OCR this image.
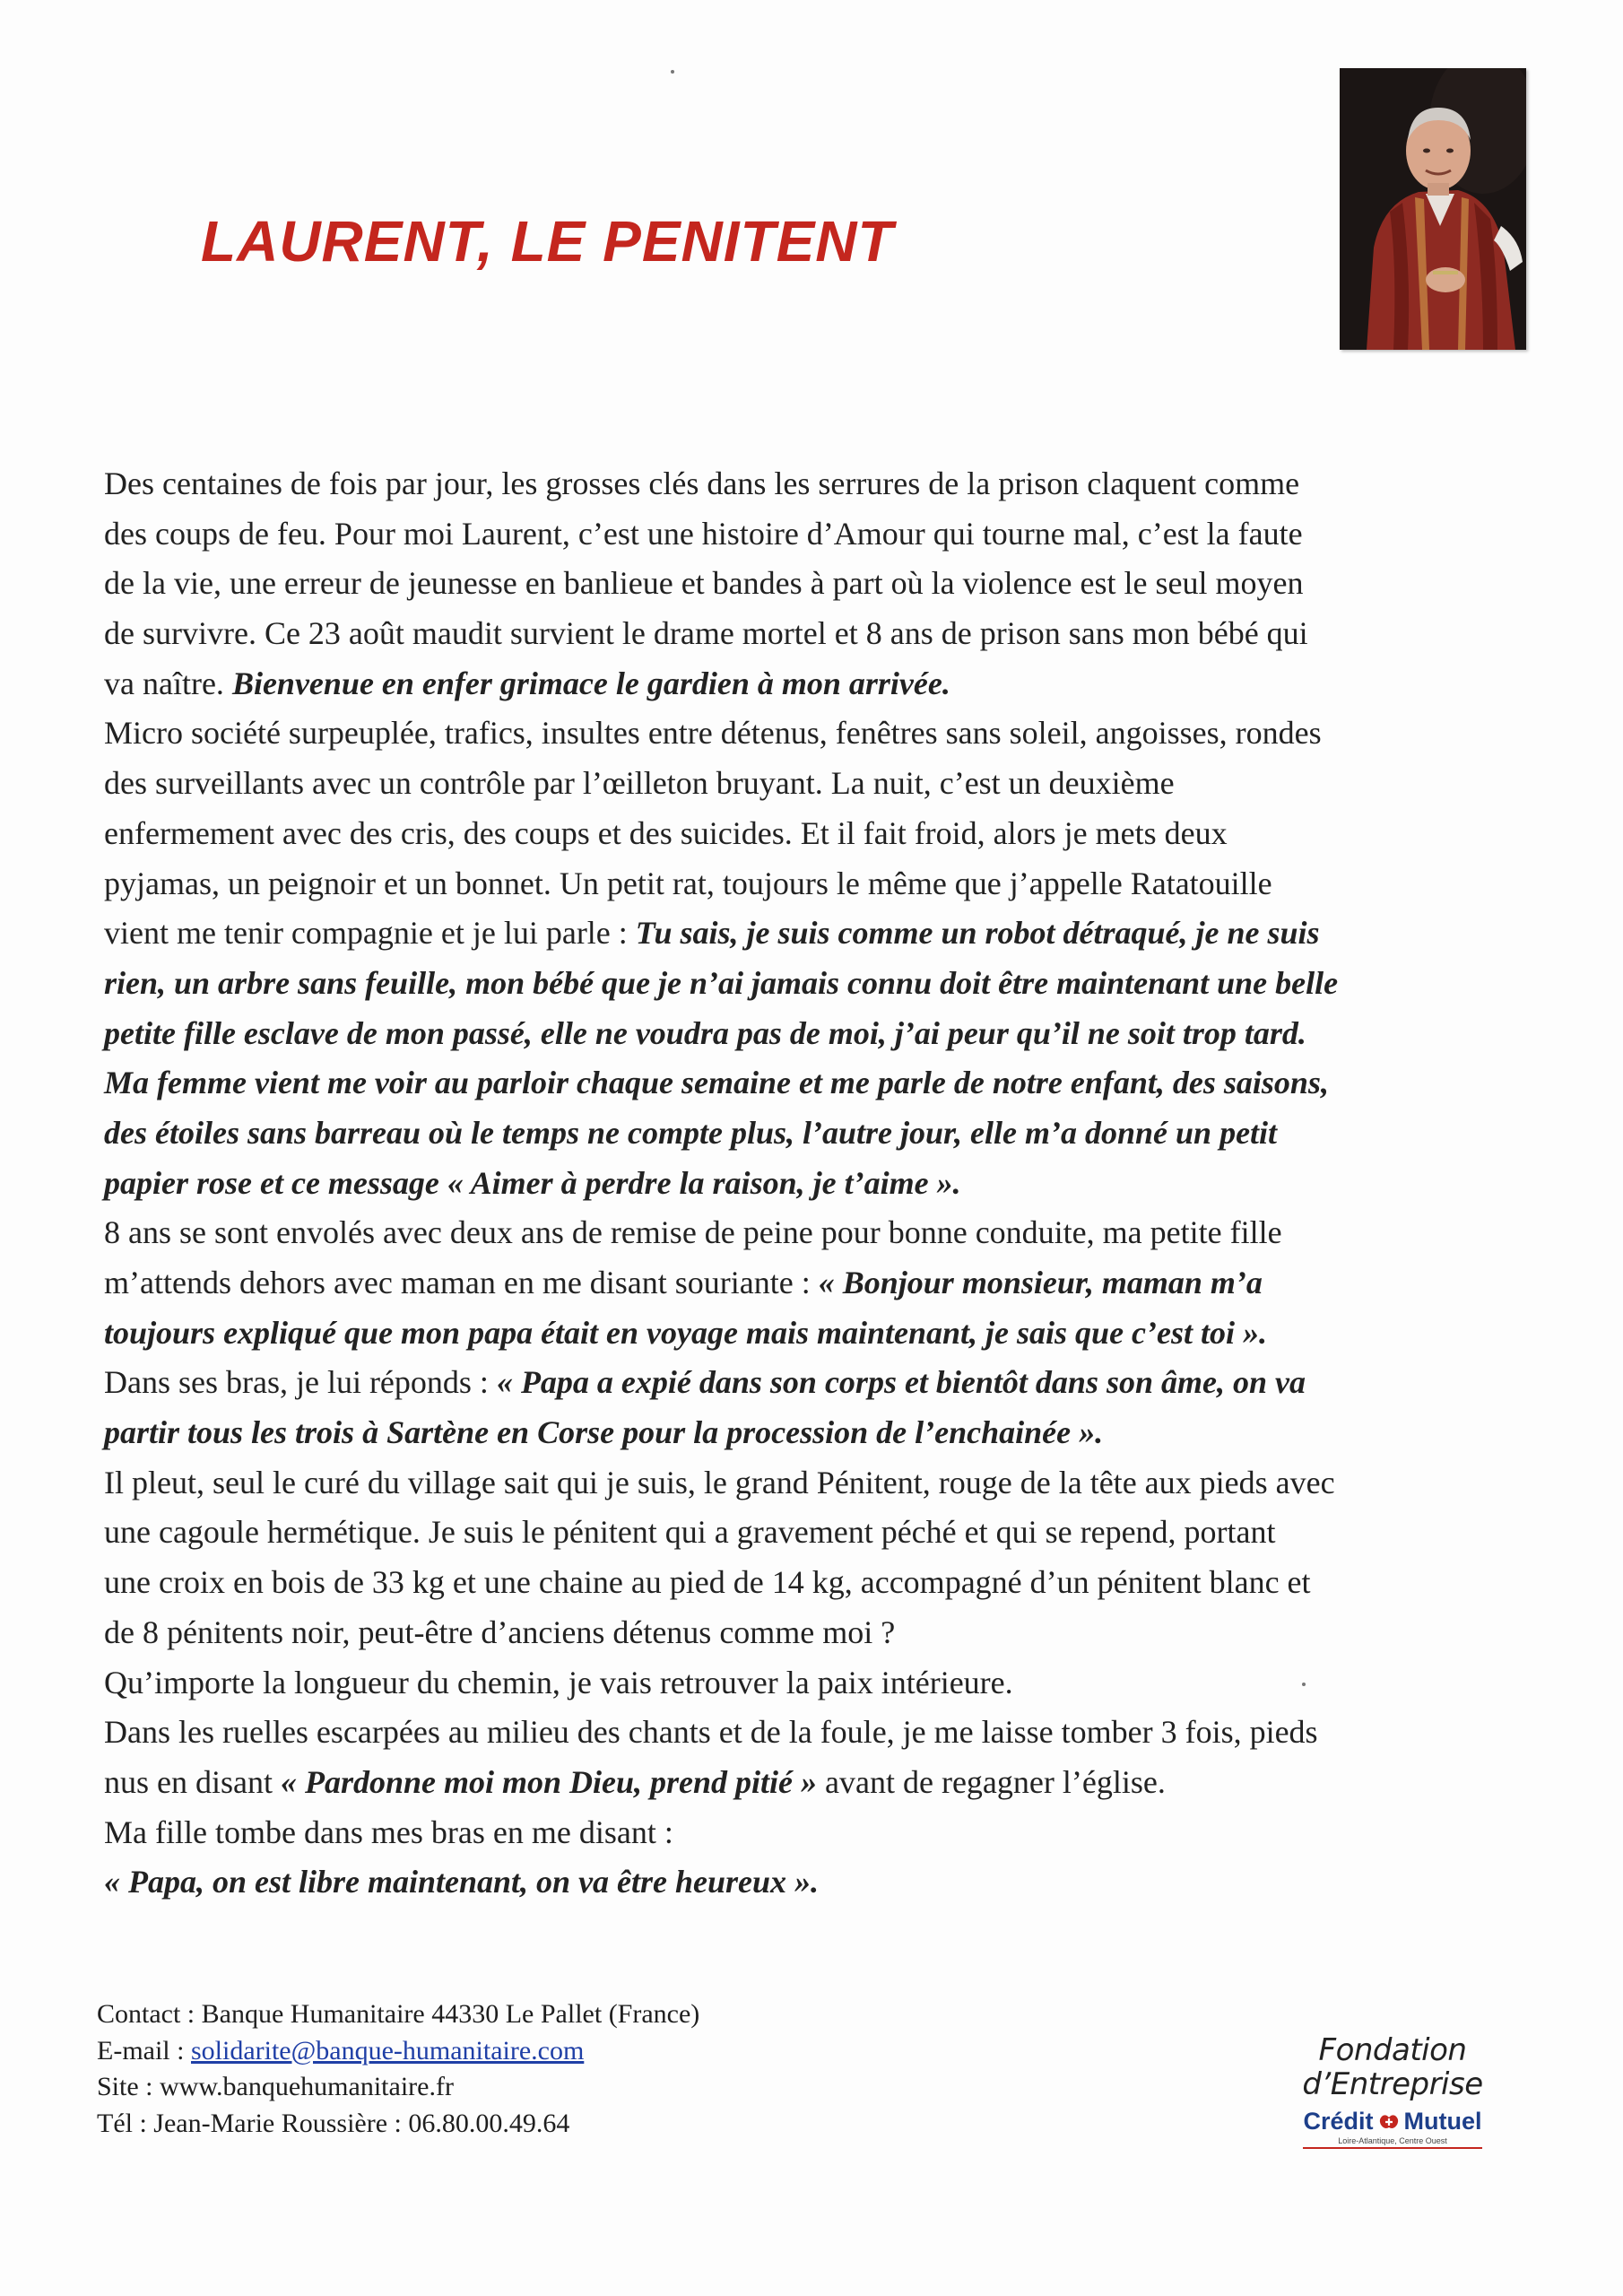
LAURENT, LE PENITENT
Des centaines de fois par jour, les grosses clés dans les serrures de la prison claquent comme
des coups de feu. Pour moi Laurent, c’est une histoire d’Amour qui tourne mal, c’est la faute
de la vie, une erreur de jeunesse en banlieue et bandes à part où la violence est le seul moyen
de survivre. Ce 23 août maudit survient le drame mortel et 8 ans de prison sans mon bébé qui
va naître. Bienvenue en enfer grimace le gardien à mon arrivée.
Micro société surpeuplée, trafics, insultes entre détenus, fenêtres sans soleil, angoisses, rondes
des surveillants avec un contrôle par l’œilleton bruyant. La nuit, c’est un deuxième
enfermement avec des cris, des coups et des suicides. Et il fait froid, alors je mets deux
pyjamas, un peignoir et un bonnet. Un petit rat, toujours le même que j’appelle Ratatouille
vient me tenir compagnie et je lui parle : Tu sais, je suis comme un robot détraqué, je ne suis
rien, un arbre sans feuille, mon bébé que je n’ai jamais connu doit être maintenant une belle
petite fille esclave de mon passé, elle ne voudra pas de moi, j’ai peur qu’il ne soit trop tard.
Ma femme vient me voir au parloir chaque semaine et me parle de notre enfant, des saisons,
des étoiles sans barreau où le temps ne compte plus, l’autre jour, elle m’a donné un petit
papier rose et ce message « Aimer à perdre la raison, je t’aime ».
8 ans se sont envolés avec deux ans de remise de peine pour bonne conduite, ma petite fille
m’attends dehors avec maman en me disant souriante : « Bonjour monsieur, maman m’a
toujours expliqué que mon papa était en voyage mais maintenant, je sais que c’est toi ».
Dans ses bras, je lui réponds : « Papa a expié dans son corps et bientôt dans son âme, on va
partir tous les trois à Sartène en Corse pour la procession de l’enchainée ».
Il pleut, seul le curé du village sait qui je suis, le grand Pénitent, rouge de la tête aux pieds avec
une cagoule hermétique. Je suis le pénitent qui a gravement péché et qui se repend, portant
une croix en bois de 33 kg et une chaine au pied de 14 kg, accompagné d’un pénitent blanc et
de 8 pénitents noir, peut-être d’anciens détenus comme moi ?
Qu’importe la longueur du chemin, je vais retrouver la paix intérieure.
Dans les ruelles escarpées au milieu des chants et de la foule, je me laisse tomber 3 fois, pieds
nus en disant « Pardonne moi mon Dieu, prend pitié » avant de regagner l’église.
Ma fille tombe dans mes bras en me disant :
« Papa, on est libre maintenant, on va être heureux ».
Contact : Banque Humanitaire 44330 Le Pallet (France)
E-mail : solidarite@banque-humanitaire.com
Site : www.banquehumanitaire.fr
Tél : Jean-Marie Roussière : 06.80.00.49.64
Fondation
d’Entreprise
Crédit Mutuel
Loire-Atlantique, Centre Ouest
